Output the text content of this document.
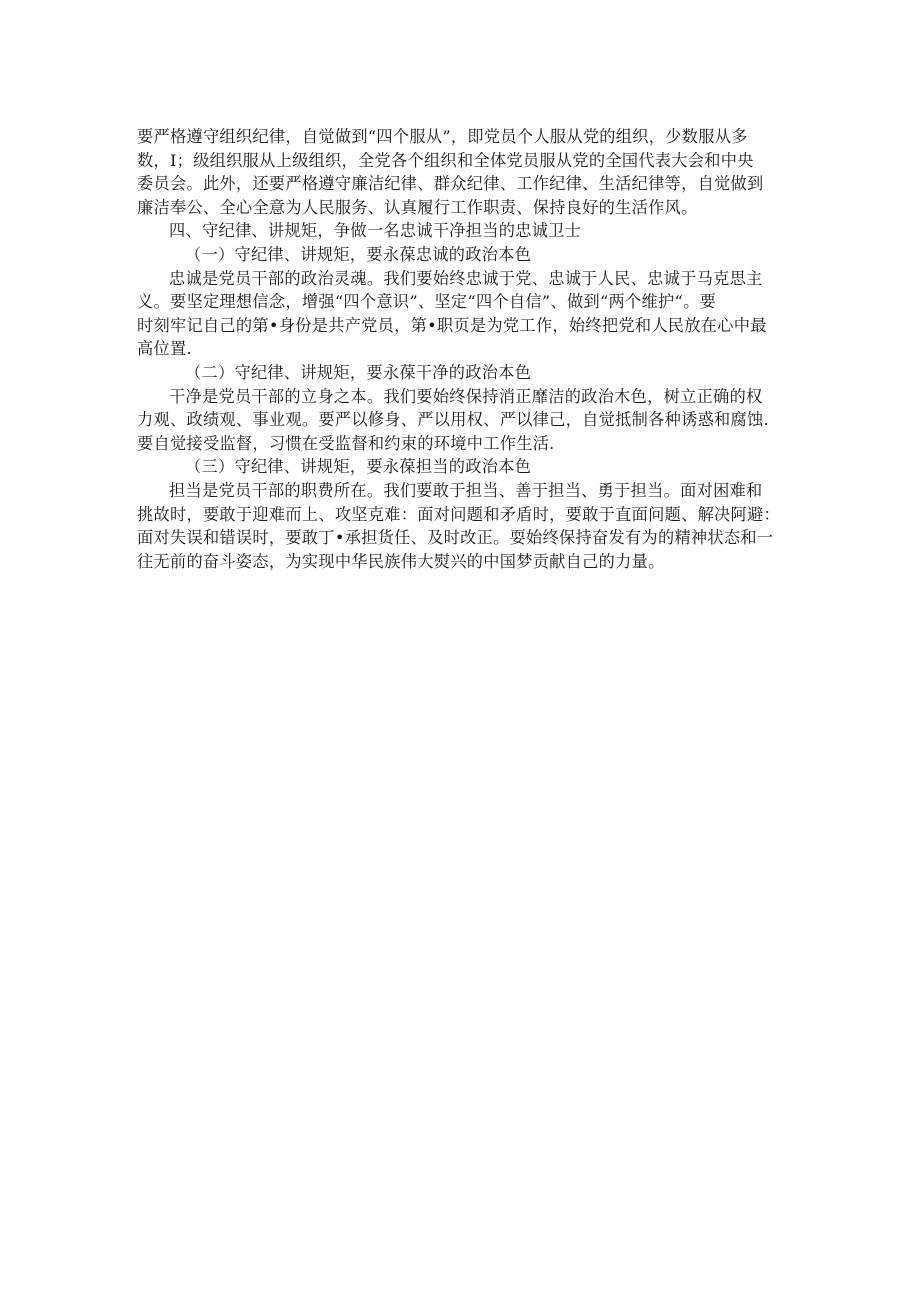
要严格遵守组织纪律，自觉做到“四个服从”，即党员个人服从党的组织，少数服从多
数，I；级组织服从上级组织，全党各个组织和全体党员服从党的全国代表大会和中央
委员会。此外，还要严格遵守廉洁纪律、群众纪律、工作纪律、生活纪律等，自觉做到
廉洁奉公、全心全意为人民服务、认真履行工作职责、保持良好的生活作风。
四、守纪律、讲规矩，争做一名忠诚干净担当的忠诚卫士
（一）守纪律、讲规矩，要永葆忠诚的政治本色
忠诚是党员干部的政治灵魂。我们要始终忠诚于党、忠诚于人民、忠诚于马克思主
义。要坚定理想信念，增强“四个意识”、坚定“四个自信”、做到“两个维护“。要
时刻牢记自己的第•身份是共产党员，第•职页是为党工作，始终把党和人民放在心中最
高位置.
（二）守纪律、讲规矩，要永葆干净的政治本色
干净是党员干部的立身之本。我们要始终保持消正靡洁的政治木色，树立正确的权
力观、政绩观、事业观。要严以修身、严以用权、严以律己，自觉抵制各种诱惑和腐蚀.
要自觉接受监督，习惯在受监督和约束的环境中工作生活.
（三）守纪律、讲规矩，要永葆担当的政治本色
担当是党员干部的职费所在。我们要敢于担当、善于担当、勇于担当。面对困难和
挑故时，要敢于迎难而上、攻坚克难：面对问题和矛盾时，要敢于直面问题、解决阿避：
面对失误和错误时，要敢丁•承担货任、及时改正。耍始终保持奋发有为的精神状态和一
往无前的奋斗姿态，为实现中华民族伟大熨兴的中国梦贡献自己的力量。
